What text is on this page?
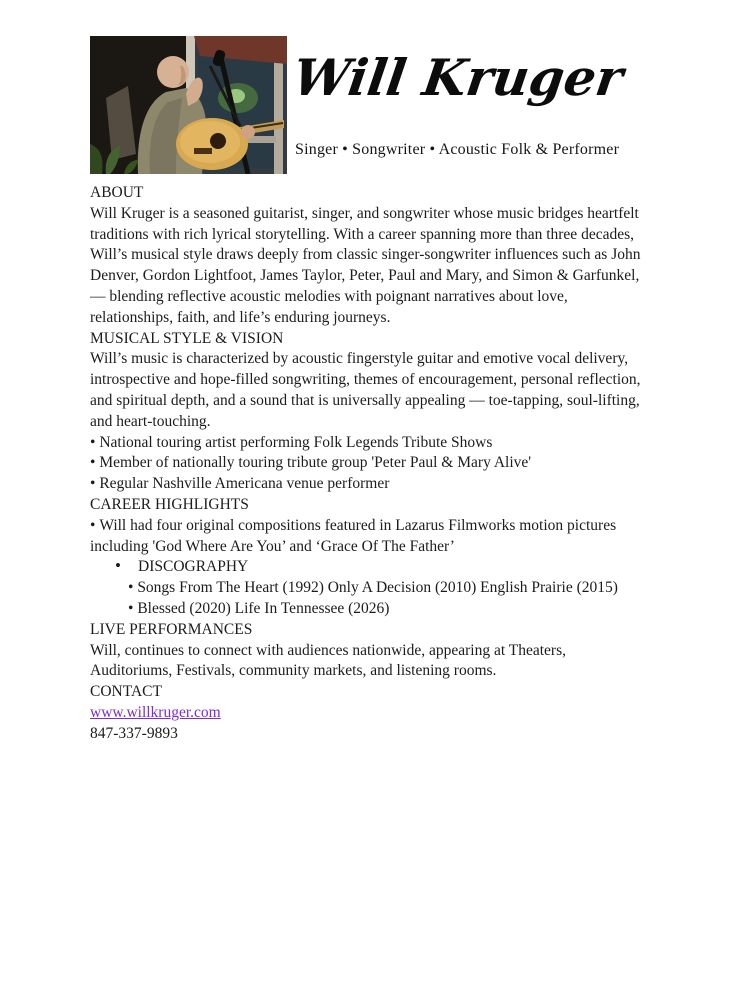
Will Kruger
Singer • Songwriter • Acoustic Folk & Performer
ABOUT

Will Kruger is a seasoned guitarist, singer, and songwriter whose music bridges heartfelt traditions with rich lyrical storytelling. With a career spanning more than three decades, Will’s musical style draws deeply from classic singer-songwriter influences such as John Denver, Gordon Lightfoot, James Taylor, Peter, Paul and Mary, and Simon & Garfunkel, — blending reflective acoustic melodies with poignant narratives about love, relationships, faith, and life’s enduring journeys.

MUSICAL STYLE & VISION

Will’s music is characterized by acoustic fingerstyle guitar and emotive vocal delivery, introspective and hope-filled songwriting, themes of encouragement, personal reflection, and spiritual depth, and a sound that is universally appealing — toe-tapping, soul-lifting, and heart-touching.

• National touring artist performing Folk Legends Tribute Shows
• Member of nationally touring tribute group 'Peter Paul & Mary Alive'
• Regular Nashville Americana venue performer
CAREER HIGHLIGHTS

• Will had four original compositions featured in Lazarus Filmworks motion pictures including 'God Where Are You’ and ‘Grace Of The Father’

• DISCOGRAPHY
• Songs From The Heart (1992) Only A Decision (2010) English Prairie (2015)
• Blessed (2020) Life In Tennessee (2026)
LIVE PERFORMANCES

Will, continues to connect with audiences nationwide, appearing at Theaters, Auditoriums, Festivals, community markets, and listening rooms.

CONTACT
www.willkruger.com
847-337-9893
